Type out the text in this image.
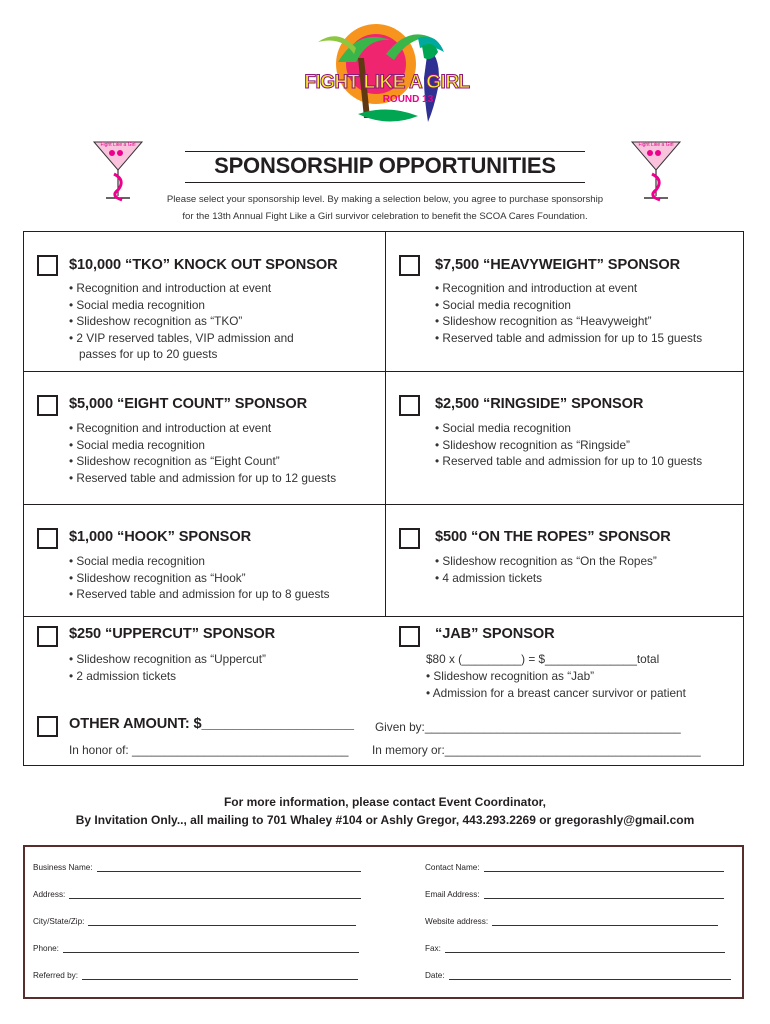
FIGHT LIKE A GIRL
ROUND 13
Fight Like a Girl	Fight Like a Girl
SPONSORSHIP OPPORTUNITIES
Please select your sponsorship level. By making a selection below, you agree to purchase sponsorship
for the 13th Annual Fight Like a Girl survivor celebration to benefit the SCOA Cares Foundation.
$10,000 “TKO” KNOCK OUT SPONSOR
• Recognition and introduction at event
• Social media recognition
• Slideshow recognition as “TKO”
• 2 VIP reserved tables, VIP admission and passes for up to 20 guests
$7,500 “HEAVYWEIGHT” SPONSOR
• Recognition and introduction at event
• Social media recognition
• Slideshow recognition as “Heavyweight”
• Reserved table and admission for up to 15 guests
$5,000 “EIGHT COUNT” SPONSOR
• Recognition and introduction at event
• Social media recognition
• Slideshow recognition as “Eight Count”
• Reserved table and admission for up to 12 guests
$2,500 “RINGSIDE” SPONSOR
• Social media recognition
• Slideshow recognition as “Ringside”
• Reserved table and admission for up to 10 guests
$1,000 “HOOK” SPONSOR
• Social media recognition
• Slideshow recognition as “Hook”
• Reserved table and admission for up to 8 guests
$500 “ON THE ROPES” SPONSOR
• Slideshow recognition as “On the Ropes”
• 4 admission tickets
$250 “UPPERCUT” SPONSOR
• Slideshow recognition as “Uppercut”
• 2 admission tickets
“JAB” SPONSOR
$80 x (_________) = $______________total
• Slideshow recognition as “Jab”
• Admission for a breast cancer survivor or patient
OTHER AMOUNT: $___________________ Given by:_______________________________________
In honor of: _________________________________ In memory or:_______________________________________
For more information, please contact Event Coordinator,
By Invitation Only.., all mailing to 701 Whaley #104 or Ashly Gregor, 443.293.2269 or gregorashly@gmail.com
Business Name:	Contact Name:
Address:	Email Address:
City/State/Zip:	Website address:
Phone:	Fax:
Referred by:	Date:
